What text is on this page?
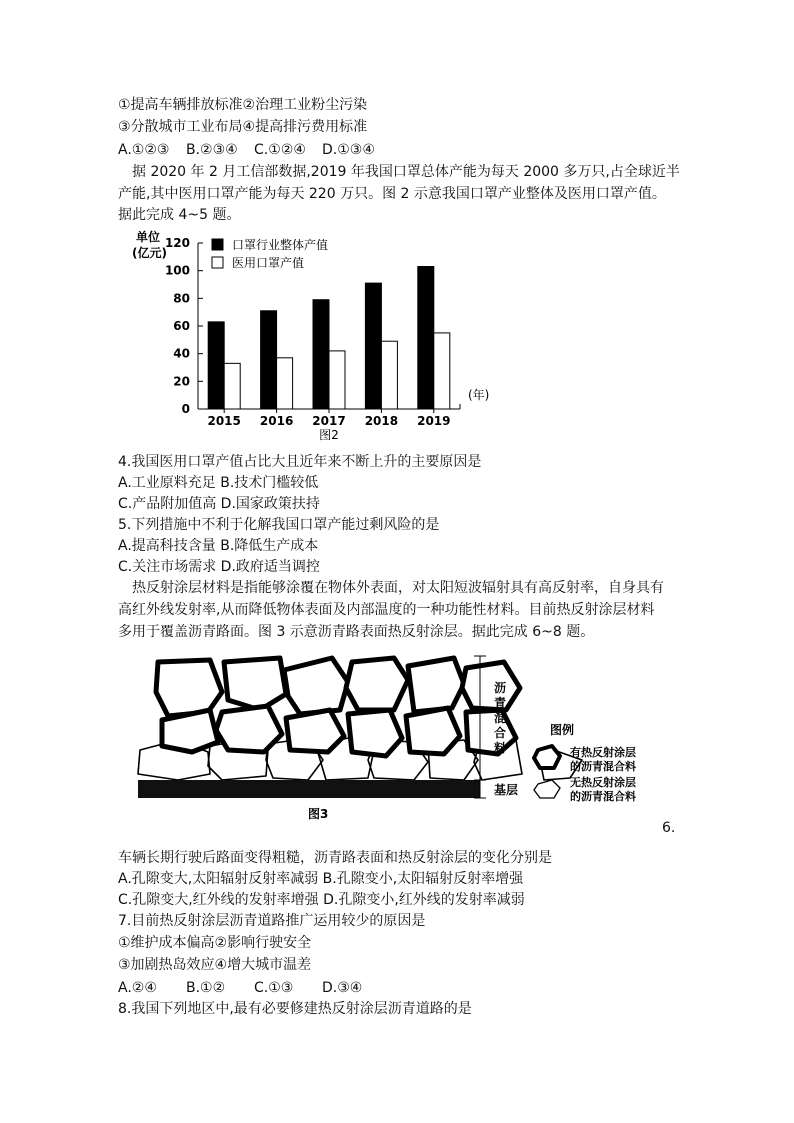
①提高车辆排放标准②治理工业粉尘污染
③分散城市工业布局④提高排污费用标准
A.①②③ B.②③④ C.①②④ D.①③④
据 2020 年 2 月工信部数据,2019 年我国口罩总体产能为每天 2000 多万只,占全球近半
产能,其中医用口罩产能为每天 220 万只。图 2 示意我国口罩产业整体及医用口罩产值。
据此完成 4~5 题。
单位
(亿元)
0
20
40
60
80
100
120
2015 2016 2017 2018 2019
(年)
口罩行业整体产值
医用口罩产值
图2
4.我国医用口罩产值占比大且近年来不断上升的主要原因是
A.工业原料充足 B.技术门槛较低
C.产品附加值高 D.国家政策扶持
5.下列措施中不利于化解我国口罩产能过剩风险的是
A.提高科技含量 B.降低生产成本
C.关注市场需求 D.政府适当调控
热反射涂层材料是指能够涂覆在物体外表面，对太阳短波辐射具有高反射率，自身具有
高红外线发射率,从而降低物体表面及内部温度的一种功能性材料。目前热反射涂层材料
多用于覆盖沥青路面。图 3 示意沥青路表面热反射涂层。据此完成 6~8 题。
沥青混合料
基层
图例
有热反射涂层
的沥青混合料
无热反射涂层
的沥青混合料
图3
6.
车辆长期行驶后路面变得粗糙，沥青路表面和热反射涂层的变化分别是
A.孔隙变大,太阳辐射反射率减弱 B.孔隙变小,太阳辐射反射率增强
C.孔隙变大,红外线的发射率增强 D.孔隙变小,红外线的发射率减弱
7.目前热反射涂层沥青道路推广运用较少的原因是
①维护成本偏高②影响行驶安全
③加剧热岛效应④增大城市温差
A.②④ B.①② C.①③ D.③④
8.我国下列地区中,最有必要修建热反射涂层沥青道路的是
